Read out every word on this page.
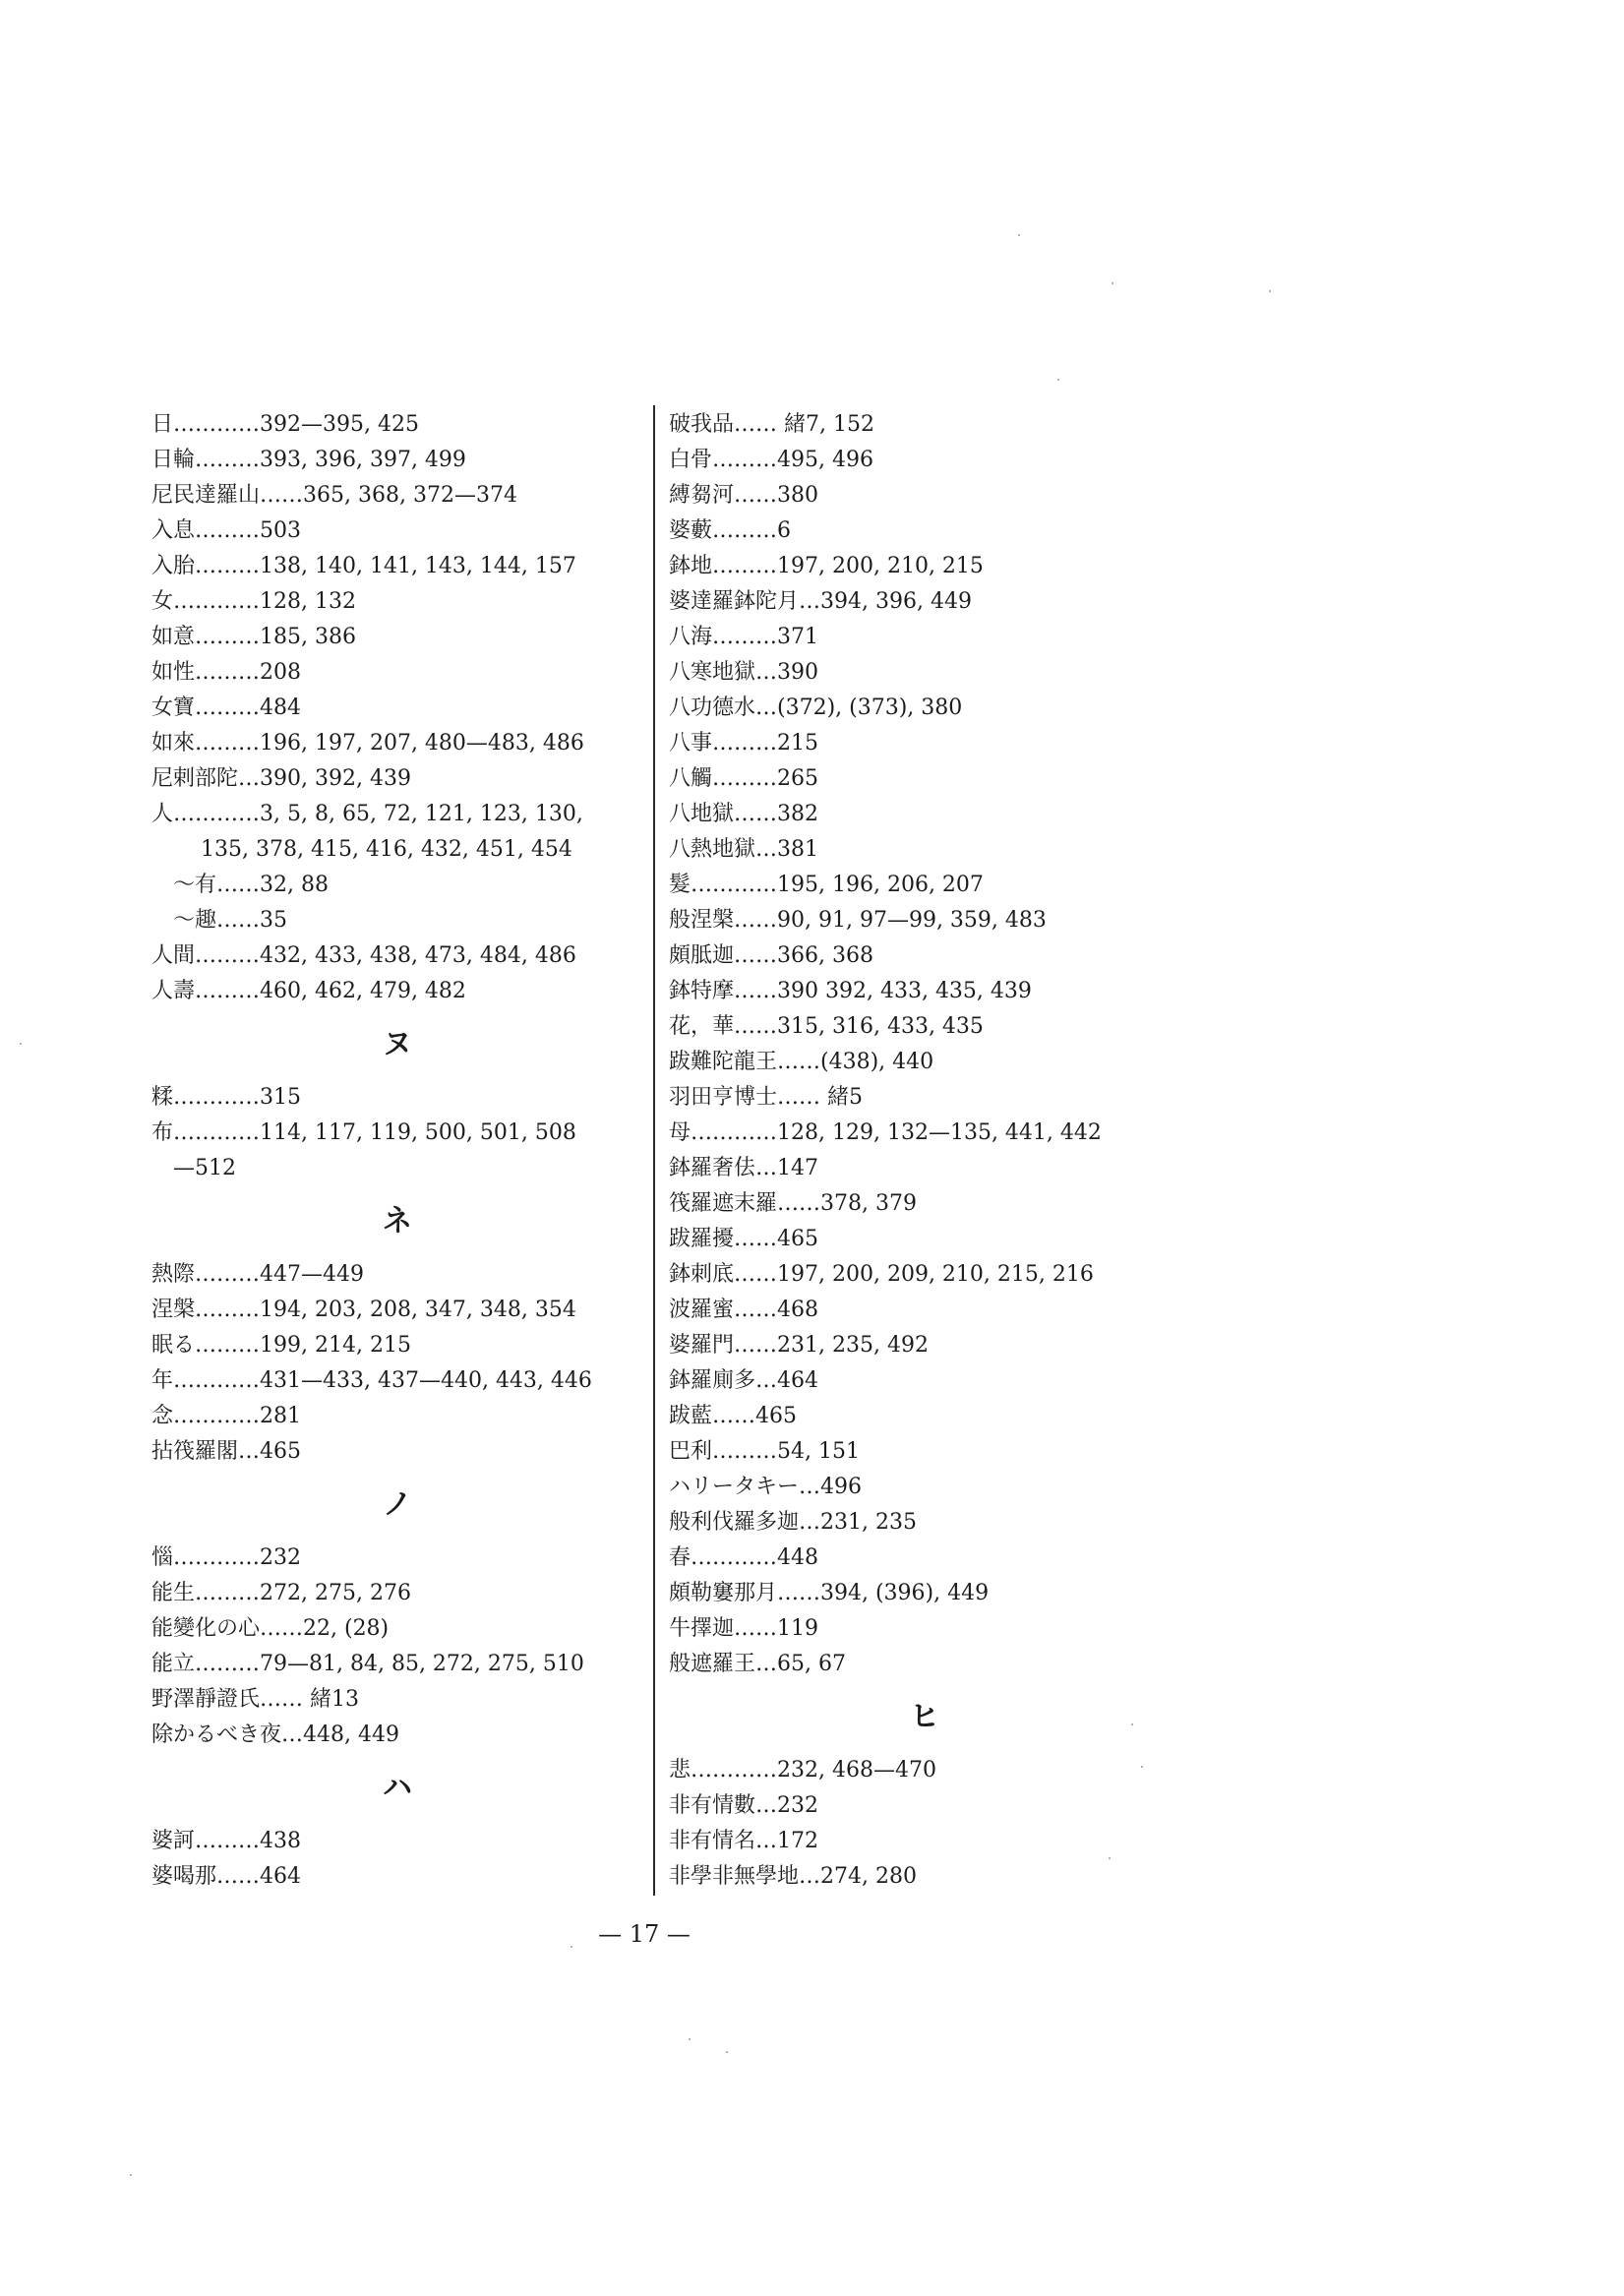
日…………392—395, 425
日輪………393, 396, 397, 499
尼民達羅山……365, 368, 372—374
入息………503
入胎………138, 140, 141, 143, 144, 157
女…………128, 132
如意………185, 386
如性………208
女寶………484
如來………196, 197, 207, 480—483, 486
尼剌部陀…390, 392, 439
人…………3, 5, 8, 65, 72, 121, 123, 130,
135, 378, 415, 416, 432, 451, 454
～有……32, 88
～趣……35
人間………432, 433, 438, 473, 484, 486
人壽………460, 462, 479, 482
ヌ
糅…………315
布…………114, 117, 119, 500, 501, 508
—512
ネ
熱際………447—449
涅槃………194, 203, 208, 347, 348, 354
眠る………199, 214, 215
年…………431—433, 437—440, 443, 446
念…………281
拈筏羅閣…465
ノ
惱…………232
能生………272, 275, 276
能變化の心……22, (28)
能立………79—81, 84, 85, 272, 275, 510
野澤靜證氏…… 緒13
除かるべき夜…448, 449
ハ
婆訶………438
婆喝那……464
破我品…… 緒7, 152
白骨………495, 496
縛芻河……380
婆藪………6
鉢地………197, 200, 210, 215
婆達羅鉢陀月…394, 396, 449
八海………371
八寒地獄…390
八功德水…(372), (373), 380
八事………215
八觸………265
八地獄……382
八熱地獄…381
髮…………195, 196, 206, 207
般涅槃……90, 91, 97—99, 359, 483
頗胝迦……366, 368
鉢特摩……390 392, 433, 435, 439
花，華……315, 316, 433, 435
跋難陀龍王……(438), 440
羽田亨博士…… 緒5
母…………128, 129, 132—135, 441, 442
鉢羅奢佉…147
筏羅遮末羅……378, 379
跋羅擾……465
鉢刺底……197, 200, 209, 210, 215, 216
波羅蜜……468
婆羅門……231, 235, 492
鉢羅廁多…464
跋藍……465
巴利………54, 151
ハリータキー…496
般利伐羅多迦…231, 235
春…………448
頗勒窶那月……394, (396), 449
牛擇迦……119
般遮羅王…65, 67
ヒ
悲…………232, 468—470
非有情數…232
非有情名…172
非學非無學地…274, 280
— 17 —
